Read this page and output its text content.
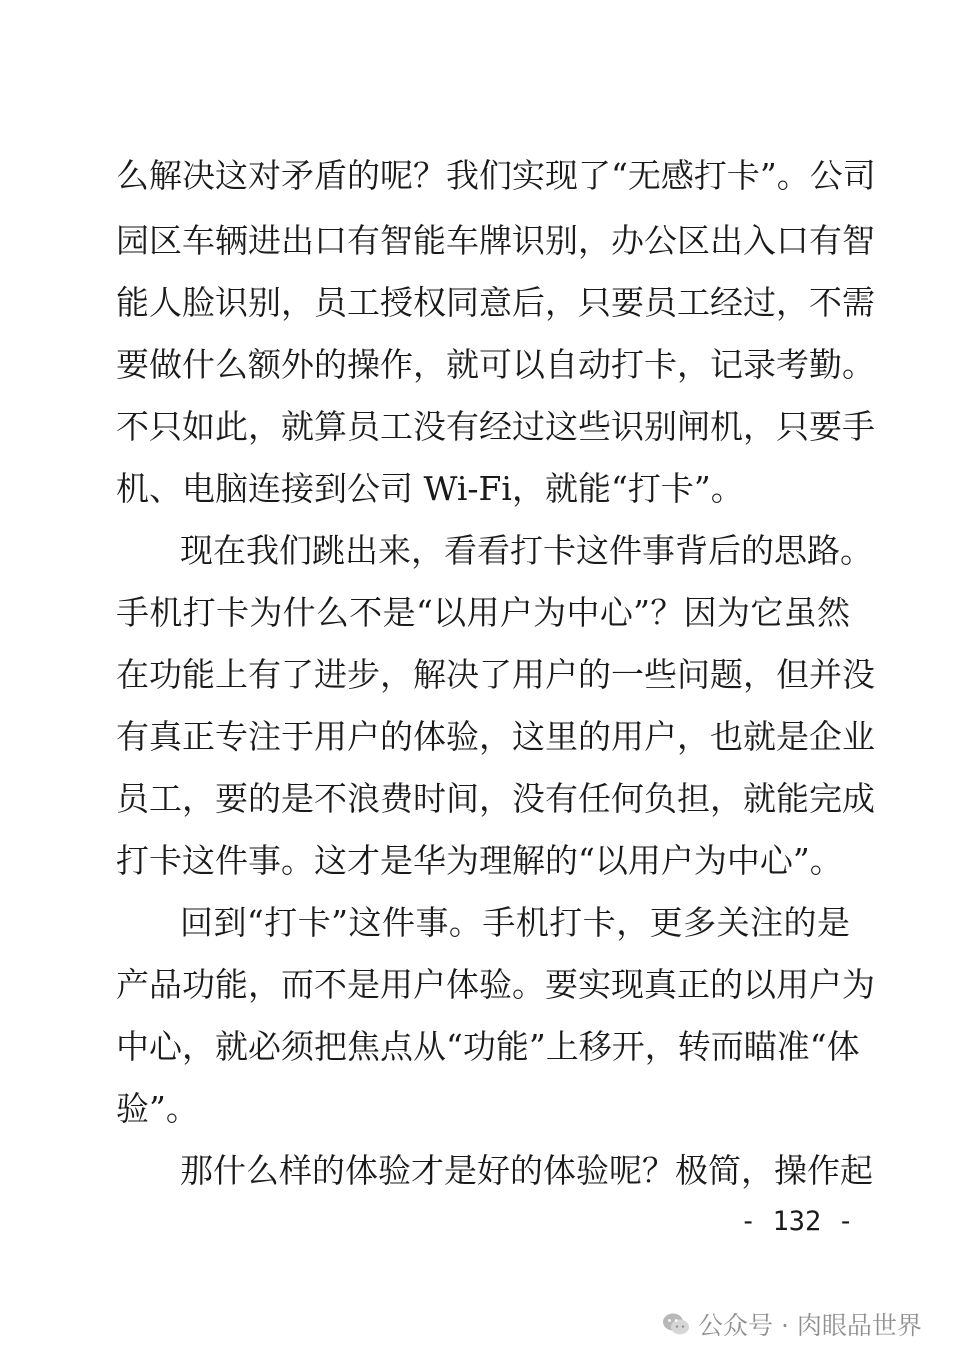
么解决这对矛盾的呢？我们实现了“无感打卡”。公司
园区车辆进出口有智能车牌识别，办公区出入口有智
能人脸识别，员工授权同意后，只要员工经过，不需
要做什么额外的操作，就可以自动打卡，记录考勤。
不只如此，就算员工没有经过这些识别闸机，只要手
机、电脑连接到公司 Wi-Fi，就能“打卡”。
现在我们跳出来，看看打卡这件事背后的思路。
手机打卡为什么不是“以用户为中心”？因为它虽然
在功能上有了进步，解决了用户的一些问题，但并没
有真正专注于用户的体验，这里的用户，也就是企业
员工，要的是不浪费时间，没有任何负担，就能完成
打卡这件事。这才是华为理解的“以用户为中心”。
回到“打卡”这件事。手机打卡，更多关注的是
产品功能，而不是用户体验。要实现真正的以用户为
中心，就必须把焦点从“功能”上移开，转而瞄准“体
验”。
那什么样的体验才是好的体验呢？极简，操作起
- 132 -
公众号 · 肉眼品世界
